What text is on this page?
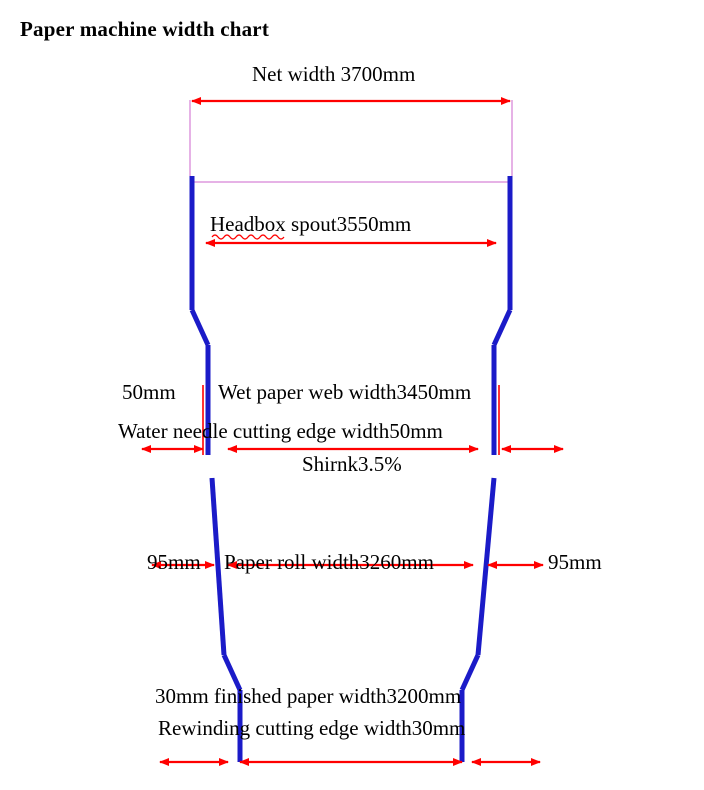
Paper machine width chart
Net width 3700mm
Headbox spout3550mm
50mm Wet paper web width3450mm
Water needle cutting edge width50mm
Shirnk3.5%
95mm Paper roll width3260mm	95mm
30mm finished paper width3200mm
Rewinding cutting edge width30mm
